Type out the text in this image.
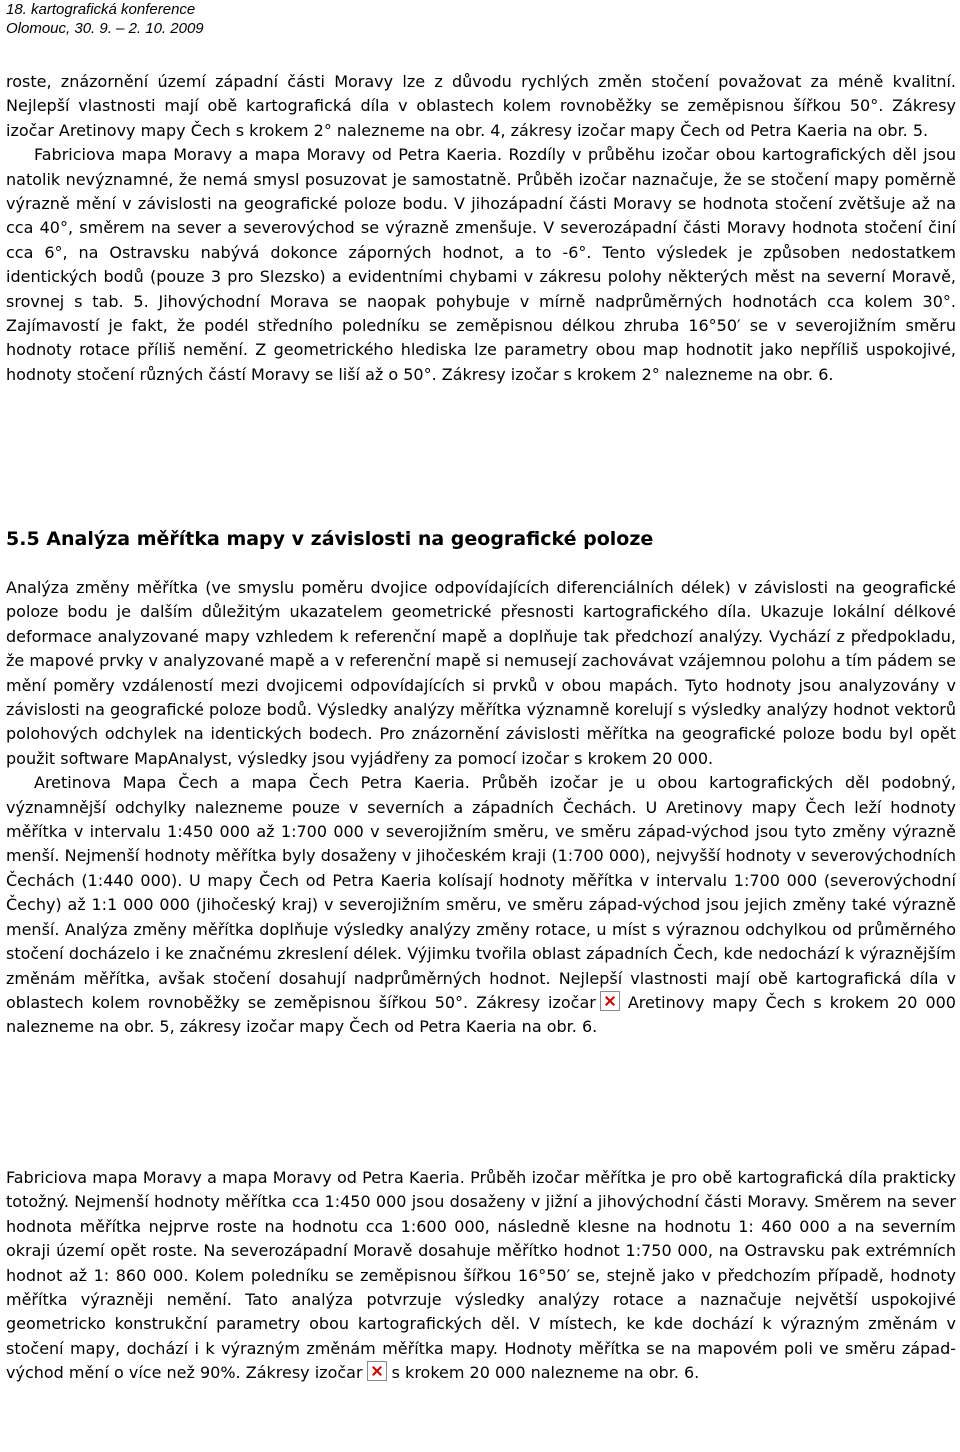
18. kartografická konference
Olomouc, 30. 9. – 2. 10. 2009

roste, znázornění území západní části Moravy lze z důvodu rychlých změn stočení považovat za méně kvalitní. Nejlepší vlastnosti mají obě kartografická díla v oblastech kolem rovnoběžky se zeměpisnou šířkou 50°. Zákresy izočar Aretinovy mapy Čech s krokem 2° nalezneme na obr. 4, zákresy izočar mapy Čech od Petra Kaeria na obr. 5.

Fabriciova mapa Moravy a mapa Moravy od Petra Kaeria. Rozdíly v průběhu izočar obou kartografických děl jsou natolik nevýznamné, že nemá smysl posuzovat je samostatně. Průběh izočar naznačuje, že se stočení mapy poměrně výrazně mění v závislosti na geografické poloze bodu. V jihozápadní části Moravy se hodnota stočení zvětšuje až na cca 40°, směrem na sever a severovýchod se výrazně zmenšuje. V severozápadní části Moravy hodnota stočení činí cca 6°, na Ostravsku nabývá dokonce záporných hodnot, a to -6°. Tento výsledek je způsoben nedostatkem identických bodů (pouze 3 pro Slezsko) a evidentními chybami v zákresu polohy některých měst na severní Moravě, srovnej s tab. 5. Jihovýchodní Morava se naopak pohybuje v mírně nadprůměrných hodnotách cca kolem 30°. Zajímavostí je fakt, že podél středního poledníku se zeměpisnou délkou zhruba 16°50′ se v severojižním směru hodnoty rotace příliš nemění. Z geometrického hlediska lze parametry obou map hodnotit jako nepříliš uspokojivé, hodnoty stočení různých částí Moravy se liší až o 50°. Zákresy izočar s krokem 2° nalezneme na obr. 6.

5.5 Analýza měřítka mapy v závislosti na geografické poloze

Analýza změny měřítka (ve smyslu poměru dvojice odpovídajících diferenciálních délek) v závislosti na geografické poloze bodu je dalším důležitým ukazatelem geometrické přesnosti kartografického díla. Ukazuje lokální délkové deformace analyzované mapy vzhledem k referenční mapě a doplňuje tak předchozí analýzy. Vychází z předpokladu, že mapové prvky v analyzované mapě a v referenční mapě si nemusejí zachovávat vzájemnou polohu a tím pádem se mění poměry vzdáleností mezi dvojicemi odpovídajících si prvků v obou mapách. Tyto hodnoty jsou analyzovány v závislosti na geografické poloze bodů. Výsledky analýzy měřítka významně korelují s výsledky analýzy hodnot vektorů polohových odchylek na identických bodech. Pro znázornění závislosti měřítka na geografické poloze bodu byl opět použit software MapAnalyst, výsledky jsou vyjádřeny za pomocí izočar s krokem 20 000.

Aretinova Mapa Čech a mapa Čech Petra Kaeria. Průběh izočar je u obou kartografických děl podobný, významnější odchylky nalezneme pouze v severních a západních Čechách. U Aretinovy mapy Čech leží hodnoty měřítka v intervalu 1:450 000 až 1:700 000 v severojižním směru, ve směru západ-východ jsou tyto změny výrazně menší. Nejmenší hodnoty měřítka byly dosaženy v jihočeském kraji (1:700 000), nejvyšší hodnoty v severovýchodních Čechách (1:440 000). U mapy Čech od Petra Kaeria kolísají hodnoty měřítka v intervalu 1:700 000 (severovýchodní Čechy) až 1:1 000 000 (jihočeský kraj) v severojižním směru, ve směru západ-východ jsou jejich změny také výrazně menší. Analýza změny měřítka doplňuje výsledky analýzy změny rotace, u míst s výraznou odchylkou od průměrného stočení docházelo i ke značnému zkreslení délek. Výjimku tvořila oblast západních Čech, kde nedochází k výraznějším změnám měřítka, avšak stočení dosahují nadprůměrných hodnot. Nejlepší vlastnosti mají obě kartografická díla v oblastech kolem rovnoběžky se zeměpisnou šířkou 50°. Zákresy izočar Aretinovy mapy Čech s krokem 20 000 nalezneme na obr. 5, zákresy izočar mapy Čech od Petra Kaeria na obr. 6.

Fabriciova mapa Moravy a mapa Moravy od Petra Kaeria. Průběh izočar měřítka je pro obě kartografická díla prakticky totožný. Nejmenší hodnoty měřítka cca 1:450 000 jsou dosaženy v jižní a jihovýchodní části Moravy. Směrem na sever hodnota měřítka nejprve roste na hodnotu cca 1:600 000, následně klesne na hodnotu 1: 460 000 a na severním okraji území opět roste. Na severozápadní Moravě dosahuje měřítko hodnot 1:750 000, na Ostravsku pak extrémních hodnot až 1: 860 000. Kolem poledníku se zeměpisnou šířkou 16°50′ se, stejně jako v předchozím případě, hodnoty měřítka výrazněji nemění. Tato analýza potvrzuje výsledky analýzy rotace a naznačuje největší uspokojivé geometricko konstrukční parametry obou kartografických děl. V místech, ke kde dochází k výrazným změnám v stočení mapy, dochází i k výrazným změnám měřítka mapy. Hodnoty měřítka se na mapovém poli ve směru západ-východ mění o více než 90%. Zákresy izočar s krokem 20 000 nalezneme na obr. 6.
